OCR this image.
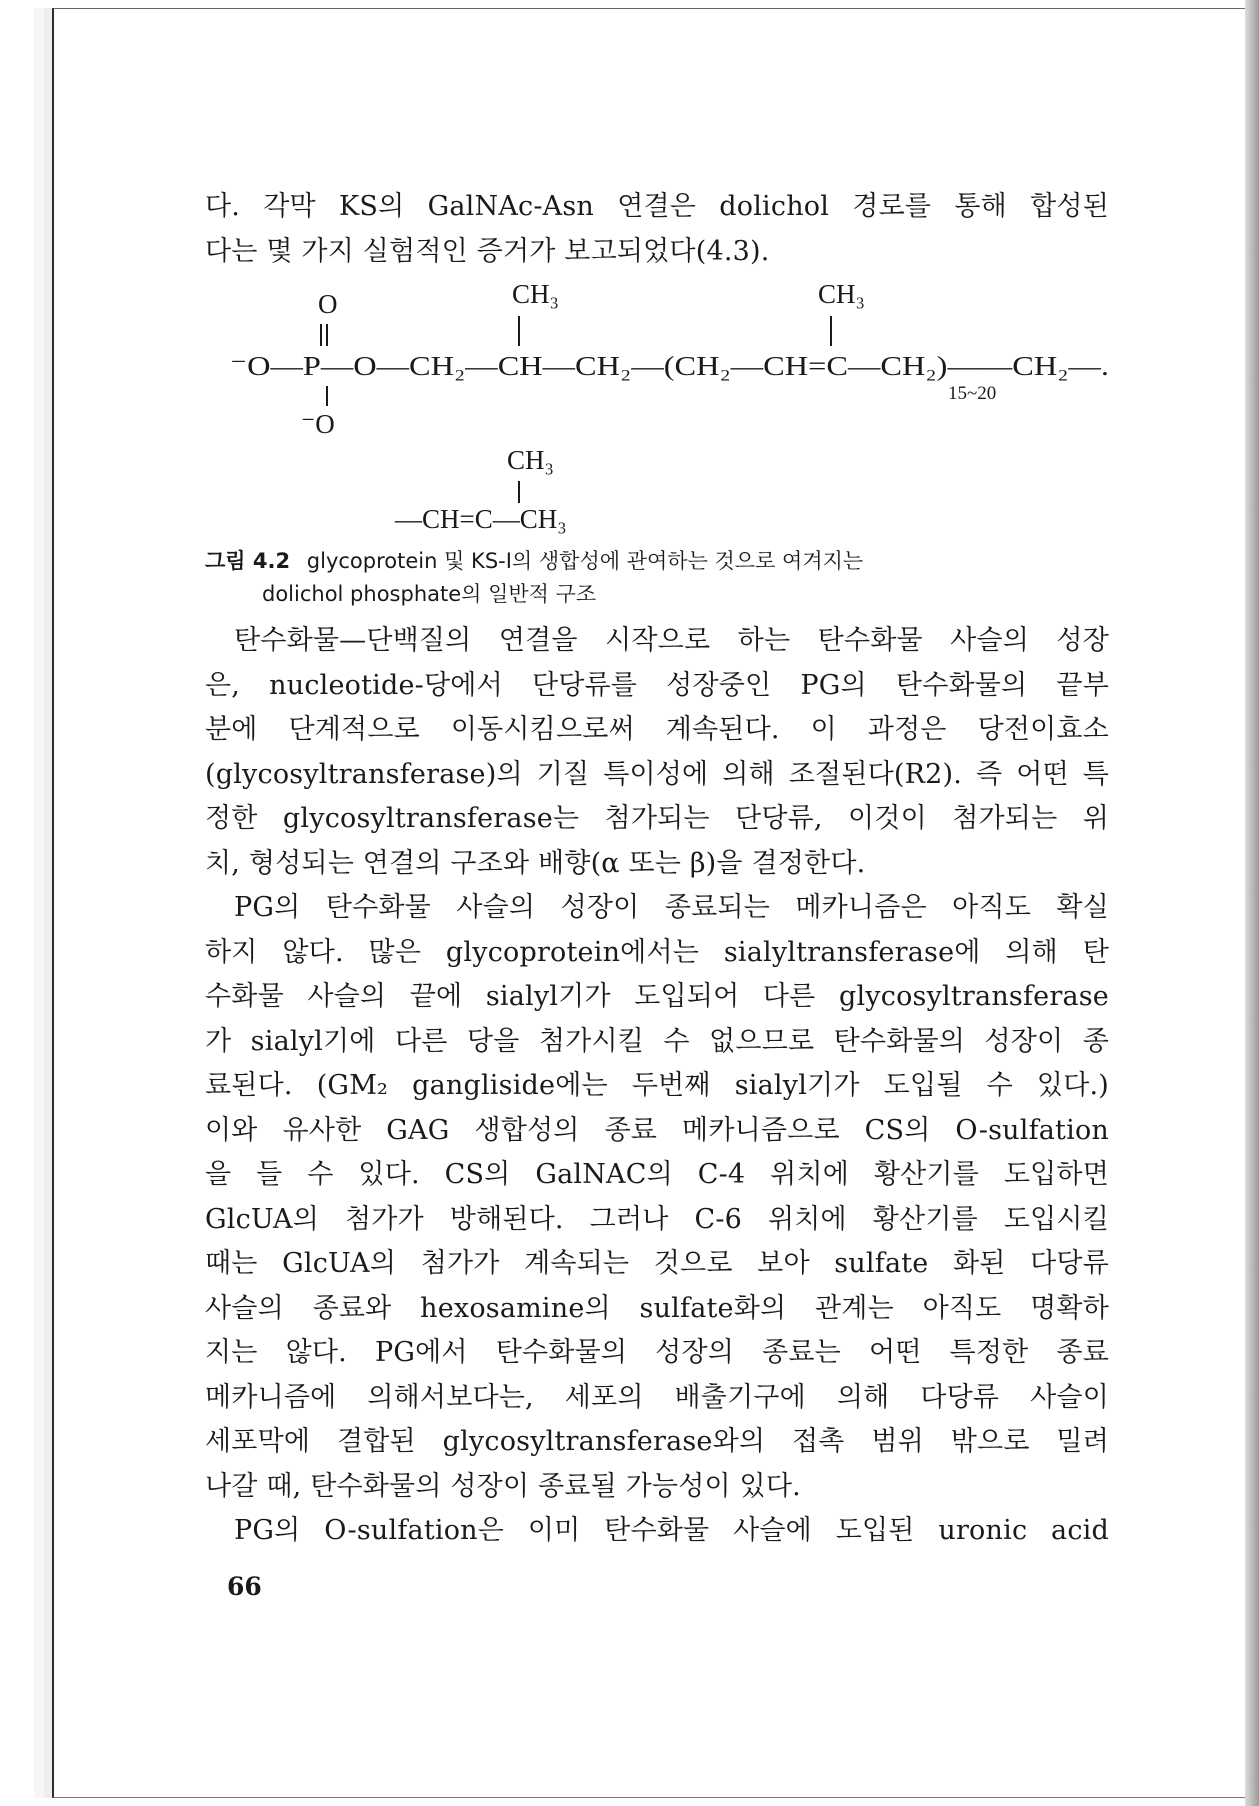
다. 각막 KS의 GalNAc-Asn 연결은 dolichol 경로를 통해 합성된
다는 몇 가지 실험적인 증거가 보고되었다(4.3).
O	CH₃	CH₃
⁻O—P—O—CH₂—CH—CH₂—(CH₂—CH=C—CH₂)——CH₂—.
15~20
⁻O
CH₃
—CH=C—CH₃
그림 4.2 glycoprotein 및 KS-I의 생합성에 관여하는 것으로 여겨지는
dolichol phosphate의 일반적 구조
탄수화물—단백질의 연결을 시작으로 하는 탄수화물 사슬의 성장
은, nucleotide-당에서 단당류를 성장중인 PG의 탄수화물의 끝부
분에 단계적으로 이동시킴으로써 계속된다. 이 과정은 당전이효소
(glycosyltransferase)의 기질 특이성에 의해 조절된다(R2). 즉 어떤 특
정한 glycosyltransferase는 첨가되는 단당류, 이것이 첨가되는 위
치, 형성되는 연결의 구조와 배향(α 또는 β)을 결정한다.
PG의 탄수화물 사슬의 성장이 종료되는 메카니즘은 아직도 확실
하지 않다. 많은 glycoprotein에서는 sialyltransferase에 의해 탄
수화물 사슬의 끝에 sialyl기가 도입되어 다른 glycosyltransferase
가 sialyl기에 다른 당을 첨가시킬 수 없으므로 탄수화물의 성장이 종
료된다. (GM₂ gangliside에는 두번째 sialyl기가 도입될 수 있다.)
이와 유사한 GAG 생합성의 종료 메카니즘으로 CS의 O-sulfation
을 들 수 있다. CS의 GalNAC의 C-4 위치에 황산기를 도입하면
GlcUA의 첨가가 방해된다. 그러나 C-6 위치에 황산기를 도입시킬
때는 GlcUA의 첨가가 계속되는 것으로 보아 sulfate 화된 다당류
사슬의 종료와 hexosamine의 sulfate화의 관계는 아직도 명확하
지는 않다. PG에서 탄수화물의 성장의 종료는 어떤 특정한 종료
메카니즘에 의해서보다는, 세포의 배출기구에 의해 다당류 사슬이
세포막에 결합된 glycosyltransferase와의 접촉 범위 밖으로 밀려
나갈 때, 탄수화물의 성장이 종료될 가능성이 있다.
PG의 O-sulfation은 이미 탄수화물 사슬에 도입된 uronic acid
66
